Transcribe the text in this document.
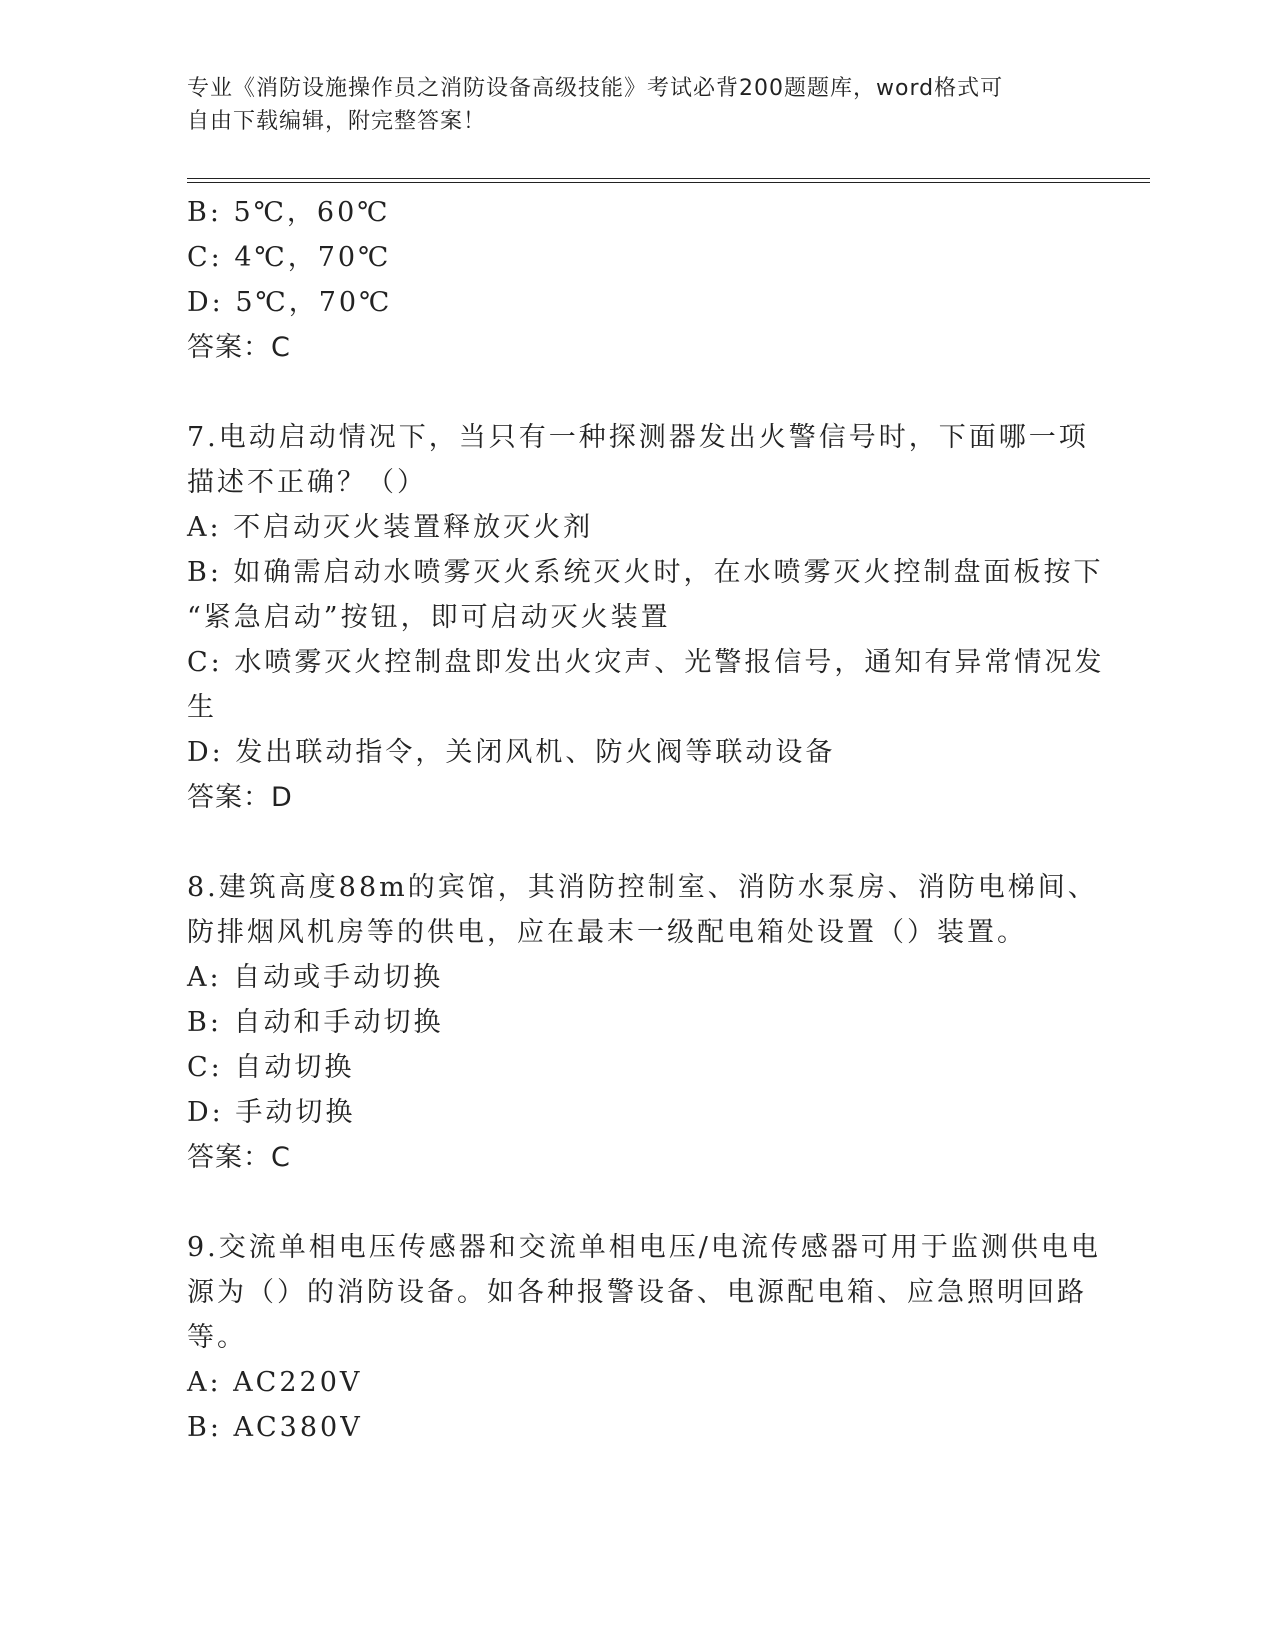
专业《消防设施操作员之消防设备高级技能》考试必背200题题库，word格式可
自由下载编辑，附完整答案！
B: 5℃，60℃
C: 4℃，70℃
D: 5℃，70℃
答案：C
7.电动启动情况下，当只有一种探测器发出火警信号时，下面哪一项
描述不正确？（）
A: 不启动灭火装置释放灭火剂
B: 如确需启动水喷雾灭火系统灭火时，在水喷雾灭火控制盘面板按下
“紧急启动”按钮，即可启动灭火装置
C: 水喷雾灭火控制盘即发出火灾声、光警报信号，通知有异常情况发
生
D: 发出联动指令，关闭风机、防火阀等联动设备
答案：D
8.建筑高度88m的宾馆，其消防控制室、消防水泵房、消防电梯间、
防排烟风机房等的供电，应在最末一级配电箱处设置（）装置。
A: 自动或手动切换
B: 自动和手动切换
C: 自动切换
D: 手动切换
答案：C
9.交流单相电压传感器和交流单相电压/电流传感器可用于监测供电电
源为（）的消防设备。如各种报警设备、电源配电箱、应急照明回路
等。
A: AC220V
B: AC380V
